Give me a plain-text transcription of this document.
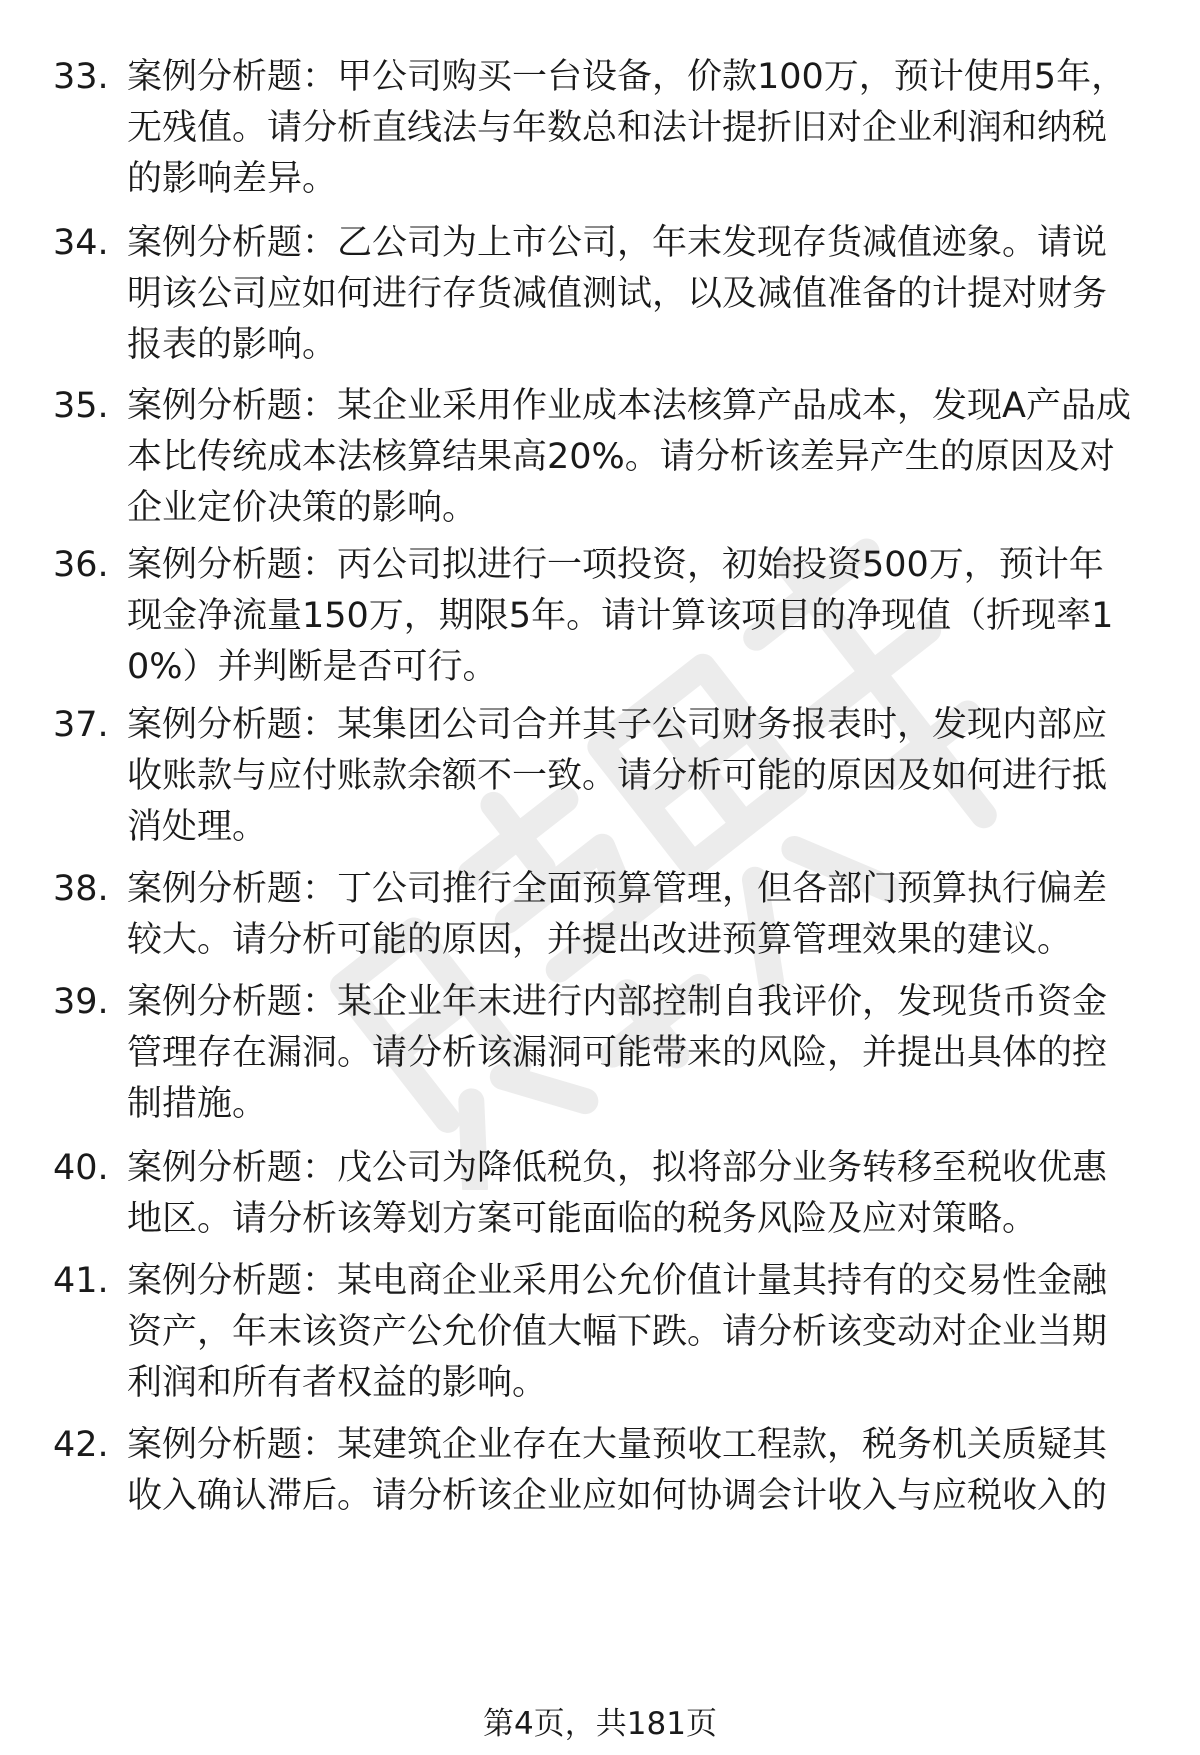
33. 案例分析题：甲公司购买一台设备，价款100万，预计使用5年，无残值。请分析直线法与年数总和法计提折旧对企业利润和纳税的影响差异。
34. 案例分析题：乙公司为上市公司，年末发现存货减值迹象。请说明该公司应如何进行存货减值测试，以及减值准备的计提对财务报表的影响。
35. 案例分析题：某企业采用作业成本法核算产品成本，发现A产品成本比传统成本法核算结果高20%。请分析该差异产生的原因及对企业定价决策的影响。
36. 案例分析题：丙公司拟进行一项投资，初始投资500万，预计年现金净流量150万，期限5年。请计算该项目的净现值（折现率10%）并判断是否可行。
37. 案例分析题：某集团公司合并其子公司财务报表时，发现内部应收账款与应付账款余额不一致。请分析可能的原因及如何进行抵消处理。
38. 案例分析题：丁公司推行全面预算管理，但各部门预算执行偏差较大。请分析可能的原因，并提出改进预算管理效果的建议。
39. 案例分析题：某企业年末进行内部控制自我评价，发现货币资金管理存在漏洞。请分析该漏洞可能带来的风险，并提出具体的控制措施。
40. 案例分析题：戊公司为降低税负，拟将部分业务转移至税收优惠地区。请分析该筹划方案可能面临的税务风险及应对策略。
41. 案例分析题：某电商企业采用公允价值计量其持有的交易性金融资产，年末该资产公允价值大幅下跌。请分析该变动对企业当期利润和所有者权益的影响。
42. 案例分析题：某建筑企业存在大量预收工程款，税务机关质疑其收入确认滞后。请分析该企业应如何协调会计收入与应税收入的
第4页，共181页
